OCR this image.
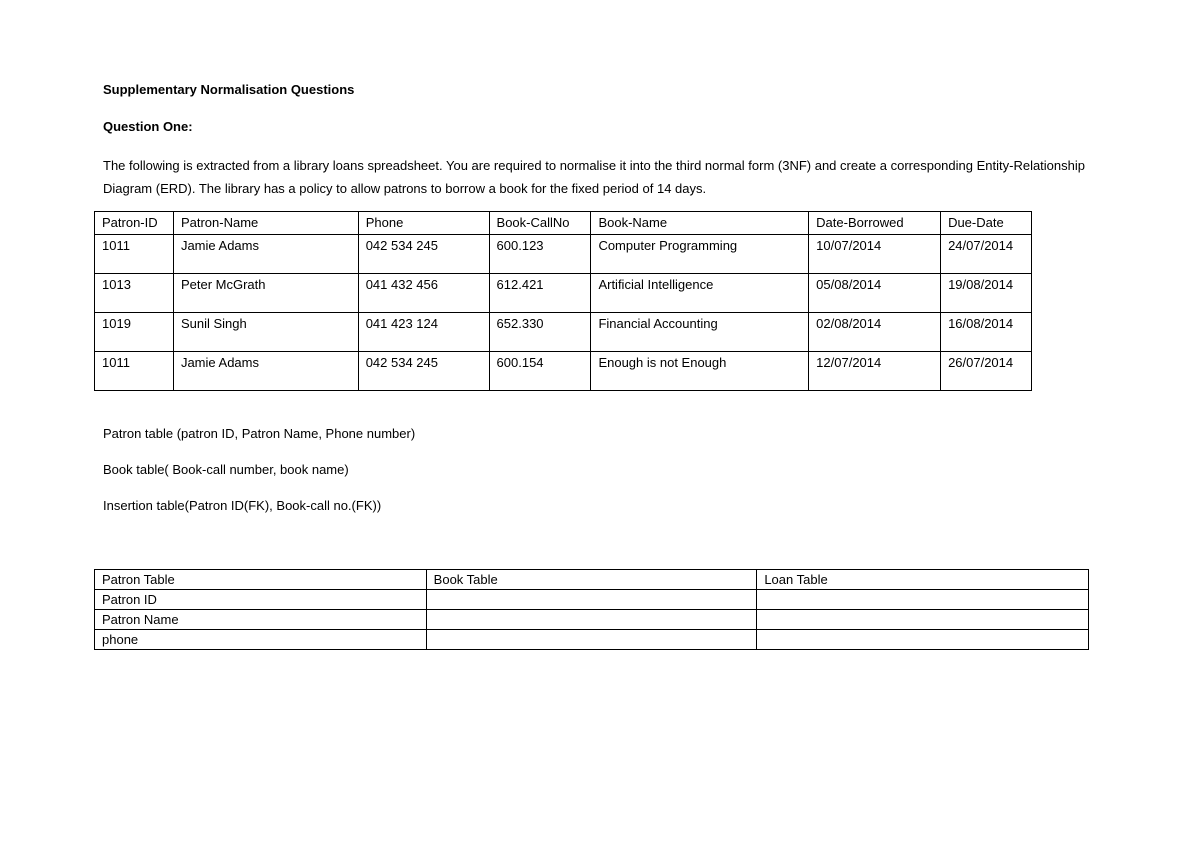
Supplementary Normalisation Questions
Question One:
The following is extracted from a library loans spreadsheet. You are required to normalise it into the third normal form (3NF) and create a corresponding Entity-Relationship Diagram (ERD). The library has a policy to allow patrons to borrow a book for the fixed period of 14 days.
Patron-ID	Patron-Name	Phone	Book-CallNo	Book-Name	Date-Borrowed	Due-Date
1011	Jamie Adams	042 534 245	600.123	Computer Programming	10/07/2014	24/07/2014
1013	Peter McGrath	041 432 456	612.421	Artificial Intelligence	05/08/2014	19/08/2014
1019	Sunil Singh	041 423 124	652.330	Financial Accounting	02/08/2014	16/08/2014
1011	Jamie Adams	042 534 245	600.154	Enough is not Enough	12/07/2014	26/07/2014
Patron table (patron ID, Patron Name, Phone number)
Book table( Book-call number, book name)
Insertion table(Patron ID(FK), Book-call no.(FK))
Patron Table	Book Table	Loan Table
Patron ID		
Patron Name		
phone		
